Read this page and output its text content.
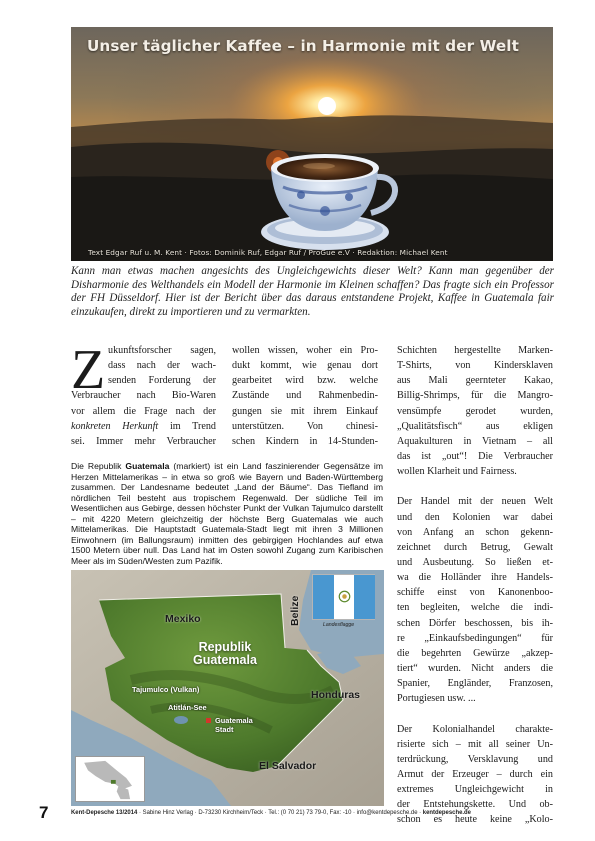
Unser täglicher Kaffee – in Harmonie mit der Welt
Text Edgar Ruf u. M. Kent · Fotos: Dominik Ruf, Edgar Ruf / ProGue e.V · Redaktion: Michael Kent
Kann man etwas machen angesichts des Ungleichgewichts dieser Welt? Kann man gegenüber der Disharmonie des Welthandels ein Modell der Harmonie im Kleinen schaffen? Das fragte sich ein Professor der FH Düsseldorf. Hier ist der Bericht über das daraus entstandene Projekt, Kaffee in Guatemala fair einzukaufen, direkt zu importieren und zu vermarkten.
Z ukunftsforscher sagen,
dass nach der wach-
senden Forderung der
Verbraucher nach Bio-Waren
vor allem die Frage nach der
konkreten Herkunft im Trend
sei. Immer mehr Verbraucher
wollen wissen, woher ein Pro-
dukt kommt, wie genau dort
gearbeitet wird bzw. welche
Zustände und Rahmenbedin-
gungen sie mit ihrem Einkauf
unterstützen. Von chinesi-
schen Kindern in 14-Stunden-
Schichten hergestellte Marken-
T-Shirts, von Kindersklaven
aus Mali geernteter Kakao,
Billig-Shrimps, für die Mangro-
vensümpfe gerodet wurden,
„Qualitätsfisch“ aus ekligen
Aquakulturen in Vietnam – all
das ist „out“! Die Verbraucher
wollen Klarheit und Fairness.
Der Handel mit der neuen Welt
und den Kolonien war dabei
von Anfang an schon gekenn-
zeichnet durch Betrug, Gewalt
und Ausbeutung. So ließen et-
wa die Holländer ihre Handels-
schiffe einst von Kanonenboo-
ten begleiten, welche die indi-
schen Dörfer beschossen, bis ih-
re „Einkaufsbedingungen“ für
die begehrten Gewürze „akzep-
tiert“ wurden. Nicht anders die
Spanier, Engländer, Franzosen,
Portugiesen usw. ...
Der Kolonialhandel charakte-
risierte sich – mit all seiner Un-
terdrückung, Versklavung und
Armut der Erzeuger – durch ein
extremes Ungleichgewicht in
der Entstehungskette. Und ob-
schon es heute keine „Kolo-
Die Republik Guatemala (markiert) ist ein Land faszinierender Gegensätze im Herzen Mittelamerikas – in etwa so groß wie Bayern und Baden-Württemberg zusammen. Der Landesname bedeutet „Land der Bäume“. Das Tiefland im nördlichen Teil besteht aus tropischem Regenwald. Der südliche Teil im Wesentlichen aus Gebirge, dessen höchster Punkt der Vulkan Tajumulco darstellt – mit 4220 Metern gleichzeitig der höchste Berg Guatemalas wie auch Mittelamerikas. Die Hauptstadt Guatemala-Stadt liegt mit ihren 3 Millionen Einwohnern (im Ballungsraum) inmitten des gebirgigen Hochlandes auf etwa 1500 Metern über null. Das Land hat im Osten sowohl Zugang zum Karibischen Meer als im Süden/Westen zum Pazifik.
Landesflagge
Mexiko	Belize
Republik
Guatemala
Honduras
El Salvador
Tajumulco (Vulkan)
Atitlán-See
Guatemala
Stadt
7	Kent-Depesche 13/2014 · Sabine Hinz Verlag · D-73230 Kirchheim/Teck · Tel.: (0 70 21) 73 79-0, Fax: -10 · info@kentdepesche.de · kentdepesche.de
